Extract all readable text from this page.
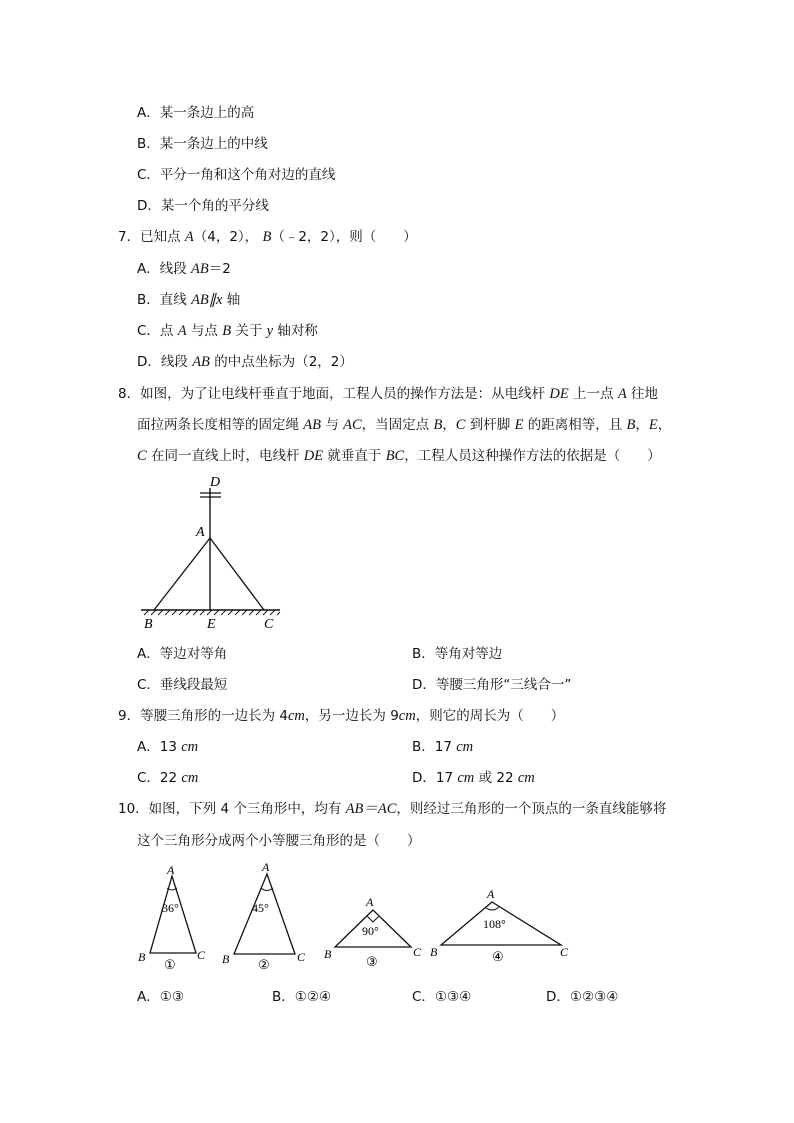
A．某一条边上的高
B．某一条边上的中线
C．平分一角和这个角对边的直线
D．某一个角的平分线
7．已知点 A（4，2）， B（﹣2，2），则（　　）
A．线段 AB＝2
B．直线 AB∥x 轴
C．点 A 与点 B 关于 y 轴对称
D．线段 AB 的中点坐标为（2，2）
8．如图，为了让电线杆垂直于地面，工程人员的操作方法是：从电线杆 DE 上一点 A 往地
面拉两条长度相等的固定绳 AB 与 AC，当固定点 B，C 到杆脚 E 的距离相等，且 B，E，
C 在同一直线上时，电线杆 DE 就垂直于 BC，工程人员这种操作方法的依据是（　　）
D
A
B	E	C
A．等边对等角	B．等角对等边
C．垂线段最短	D．等腰三角形“三线合一”
9．等腰三角形的一边长为 4cm，另一边长为 9cm，则它的周长为（　　）
A．13 cm	B．17 cm
C．22 cm	D．17 cm 或 22 cm
10．如图，下列 4 个三角形中，均有 AB＝AC，则经过三角形的一个顶点的一条直线能够将
这个三角形分成两个小等腰三角形的是（　　）
A
B	C
36°
①
A
B	C
45°
②
A
B	C
90°
③
A
B	C
108°
④
A．①③	B．①②④	C．①③④	D．①②③④
